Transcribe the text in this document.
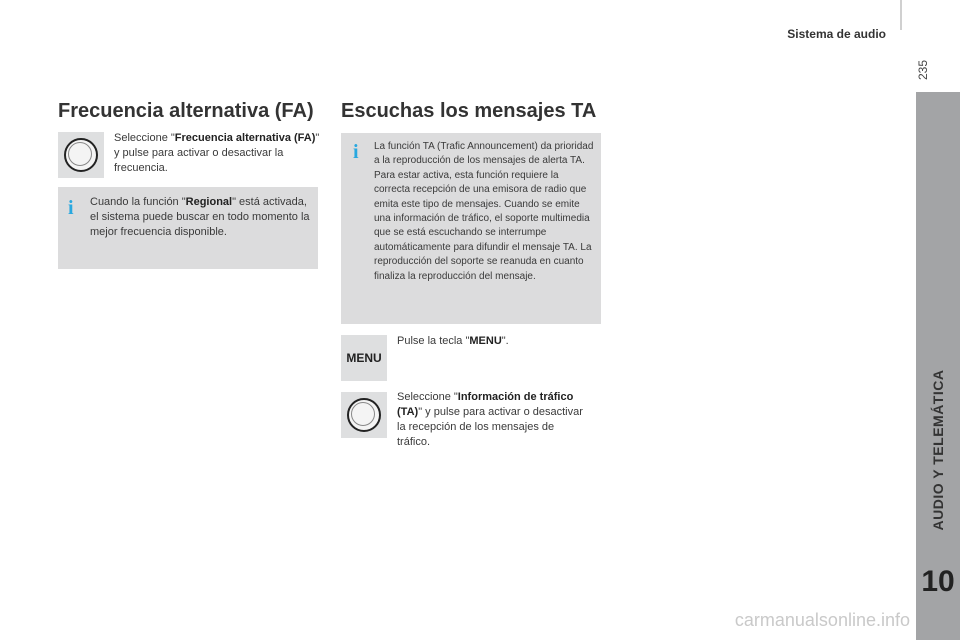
Sistema de audio
235
AUDIO Y TELEMÁTICA
10
Frecuencia alternativa (FA)
Seleccione "Frecuencia alternativa (FA)" y pulse para activar o desactivar la frecuencia.
i Cuando la función "Regional" está activada, el sistema puede buscar en todo momento la mejor frecuencia disponible.
Escuchas los mensajes TA
i La función TA (Trafic Announcement) da prioridad a la reproducción de los mensajes de alerta TA. Para estar activa, esta función requiere la correcta recepción de una emisora de radio que emita este tipo de mensajes. Cuando se emite una información de tráfico, el soporte multimedia que se está escuchando se interrumpe automáticamente para difundir el mensaje TA. La reproducción del soporte se reanuda en cuanto finaliza la reproducción del mensaje.
MENU
Pulse la tecla "MENU".
Seleccione "Información de tráfico (TA)" y pulse para activar o desactivar la recepción de los mensajes de tráfico.
carmanualsonline.info
